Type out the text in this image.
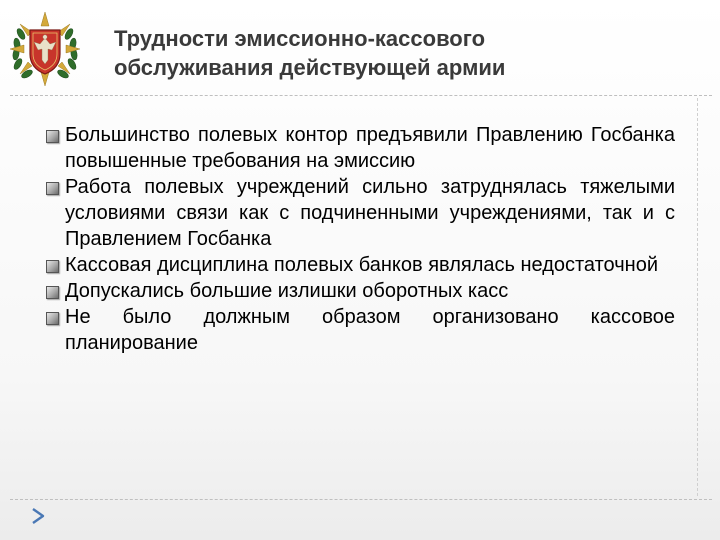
Трудности эмиссионно-кассового
обслуживания действующей армии
Большинство полевых контор предъявили Правлению Госбанка повышенные требования на эмиссию
Работа полевых учреждений сильно затруднялась тяжелыми условиями связи как с подчиненными учреждениями, так и с Правлением Госбанка
Кассовая дисциплина полевых банков являлась недостаточной
Допускались большие излишки оборотных касс
Не было должным образом организовано кассовое планирование
